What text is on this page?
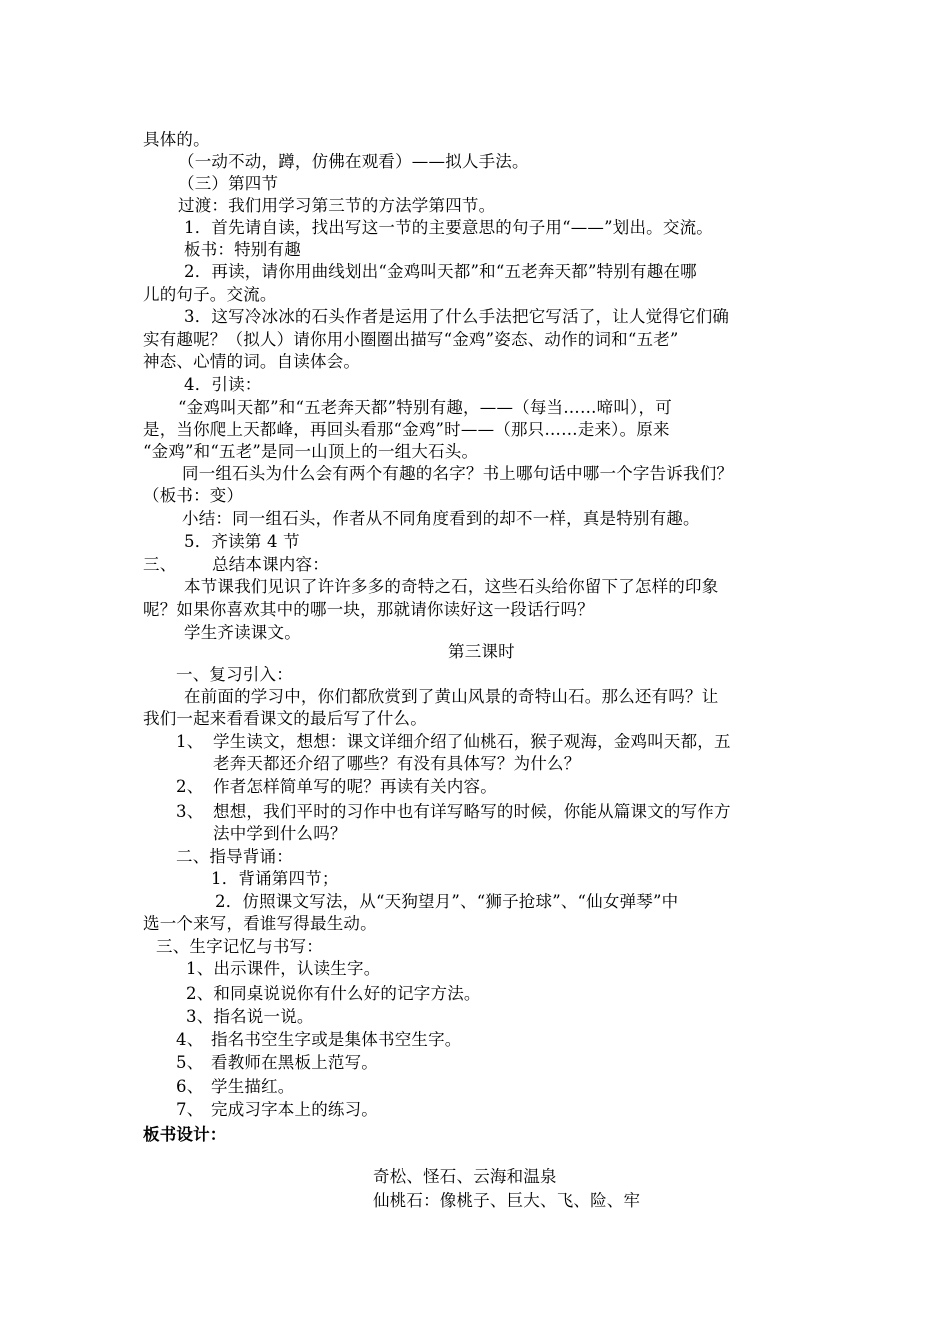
具体的。
（一动不动，蹲，仿佛在观看）——拟人手法。
（三）第四节
过渡：我们用学习第三节的方法学第四节。
1．首先请自读，找出写这一节的主要意思的句子用“——”划出。交流。
板书：特别有趣
2．再读，请你用曲线划出“金鸡叫天都”和“五老奔天都”特别有趣在哪
儿的句子。交流。
3．这写冷冰冰的石头作者是运用了什么手法把它写活了，让人觉得它们确
实有趣呢？（拟人）请你用小圈圈出描写“金鸡”姿态、动作的词和“五老”
神态、心情的词。自读体会。
4．引读：
“金鸡叫天都”和“五老奔天都”特别有趣，——（每当……啼叫），可
是，当你爬上天都峰，再回头看那“金鸡”时——（那只……走来）。原来
“金鸡”和“五老”是同一山顶上的一组大石头。
同一组石头为什么会有两个有趣的名字？书上哪句话中哪一个字告诉我们？
（板书：变）
小结：同一组石头，作者从不同角度看到的却不一样，真是特别有趣。
5．齐读第 4 节
三、 总结本课内容：
本节课我们见识了许许多多的奇特之石，这些石头给你留下了怎样的印象
呢？如果你喜欢其中的哪一块，那就请你读好这一段话行吗？
学生齐读课文。
第三课时
一、复习引入：
在前面的学习中，你们都欣赏到了黄山风景的奇特山石。那么还有吗？让
我们一起来看看课文的最后写了什么。
1、 学生读文，想想：课文详细介绍了仙桃石，猴子观海，金鸡叫天都，五
老奔天都还介绍了哪些？有没有具体写？为什么？
2、 作者怎样简单写的呢？再读有关内容。
3、 想想，我们平时的习作中也有详写略写的时候，你能从篇课文的写作方
法中学到什么吗？
二、指导背诵：
1．背诵第四节；
2．仿照课文写法，从“天狗望月”、“狮子抢球”、“仙女弹琴”中
选一个来写，看谁写得最生动。
三、生字记忆与书写：
1、出示课件，认读生字。
2、和同桌说说你有什么好的记字方法。
3、指名说一说。
4、 指名书空生字或是集体书空生字。
5、 看教师在黑板上范写。
6、 学生描红。
7、 完成习字本上的练习。
板书设计：
奇松、怪石、云海和温泉
仙桃石：像桃子、巨大、飞、险、牢
